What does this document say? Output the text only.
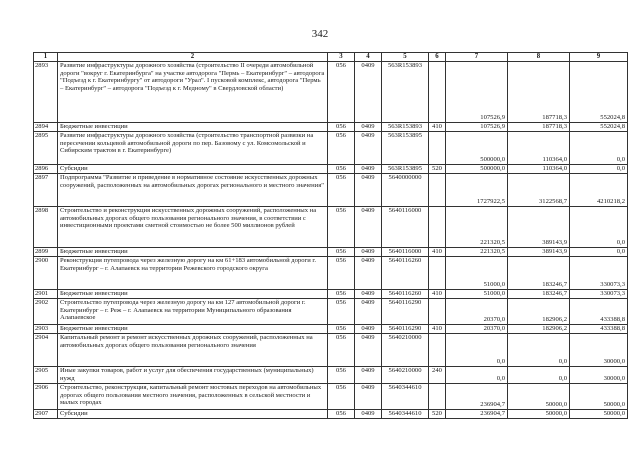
342
1	2	3	4	5	6	7	8	9
2893	Развитие инфраструктуры дорожного хозяйства (строительство II очереди автомобильной дороги "вокруг г. Екатеринбурга" на участке автодорога "Пермь – Екатеринбург" – автодорога "Подъезд к г. Екатеринбургу" от автодороги "Урал". I пусковой комплекс, автодорога "Пермь – Екатеринбург" – автодорога "Подъезд к г. Медному" в Свердловской области)	056	0409	563R153893		107526,9	187718,3	552024,8
2894	Бюджетные инвестиции	056	0409	563R153893	410	107526,9	187718,3	552024,8
2895	Развитие инфраструктуры дорожного хозяйства (строительство транспортной развязки на пересечении кольцевой автомобильной дороги по пер. Базовому с ул. Комсомольской и Сибирским трактом в г. Екатеринбурге)	056	0409	563R153895		500000,0	110364,0	0,0
2896	Субсидии	056	0409	563R153895	520	500000,0	110364,0	0,0
2897	Подпрограмма "Развитие и приведение в нормативное состояние искусственных дорожных сооружений, расположенных на автомобильных дорогах регионального и местного значения"	056	0409	5640000000		1727922,5	3122568,7	4210218,2
2898	Строительство и реконструкция искусственных дорожных сооружений, расположенных на автомобильных дорогах общего пользования регионального значения, в соответствии с инвестиционными проектами сметной стоимостью не более 500 миллионов рублей	056	0409	5640116000		221320,5	389143,9	0,0
2899	Бюджетные инвестиции	056	0409	5640116000	410	221320,5	389143,9	0,0
2900	Реконструкция путепровода через железную дорогу на км 61+183 автомобильной дороги г. Екатеринбург – г. Алапаевск на территории Режевского городского округа	056	0409	5640116260		51000,0	183246,7	330073,3
2901	Бюджетные инвестиции	056	0409	5640116260	410	51000,0	183246,7	330073,3
2902	Строительство путепровода через железную дорогу на км 127 автомобильной дороги г. Екатеринбург – г. Реж – г. Алапаевск на территории Муниципального образования Алапаевское	056	0409	5640116290		20370,0	182906,2	433388,8
2903	Бюджетные инвестиции	056	0409	5640116290	410	20370,0	182906,2	433388,8
2904	Капитальный ремонт и ремонт искусственных дорожных сооружений, расположенных на автомобильных дорогах общего пользования регионального значения	056	0409	5640210000		0,0	0,0	30000,0
2905	Иные закупки товаров, работ и услуг для обеспечения государственных (муниципальных) нужд	056	0409	5640210000	240	0,0	0,0	30000,0
2906	Строительство, реконструкция, капитальный ремонт мостовых переходов на автомобильных дорогах общего пользования местного значения, расположенных в сельской местности и малых городах	056	0409	5640344610		236904,7	50000,0	50000,0
2907	Субсидии	056	0409	5640344610	520	236904,7	50000,0	50000,0
